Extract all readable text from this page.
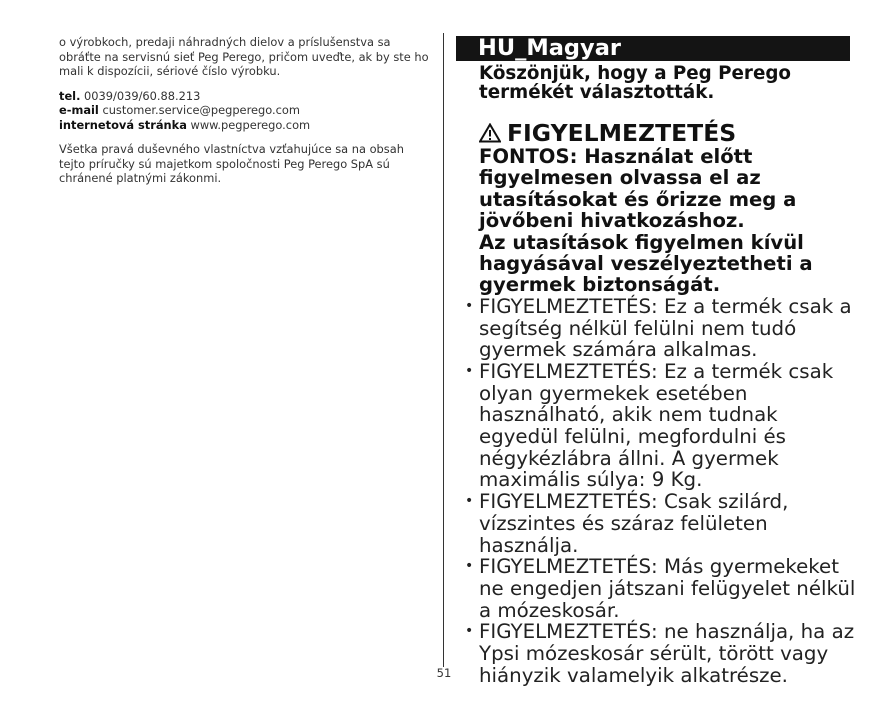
o výrobkoch, predaji náhradných dielov a príslušenstva sa obráťte na servisnú sieť Peg Perego, pričom uveďte, ak by ste ho mali k dispozícii, sériové číslo výrobku.

tel. 0039/039/60.88.213

e-mail customer.service@pegperego.com

internetová stránka www.pegperego.com

Všetka pravá duševného vlastníctva vzťahujúce sa na obsah tejto príručky sú majetkom spoločnosti Peg Perego SpA sú chránené platnými zákonmi.

51
HU_Magyar

Köszönjük, hogy a Peg Perego termékét választották.

FIGYELMEZTETÉS

FONTOS: Használat előtt figyelmesen olvassa el az utasításokat és őrizze meg a jövőbeni hivatkozáshoz.

Az utasítások figyelmen kívül hagyásával veszélyeztetheti a gyermek biztonságát.

• FIGYELMEZTETÉS: Ez a termék csak a segítség nélkül felülni nem tudó gyermek számára alkalmas.
• FIGYELMEZTETÉS: Ez a termék csak olyan gyermekek esetében használható, akik nem tudnak egyedül felülni, megfordulni és négykézlábra állni. A gyermek maximális súlya: 9 Kg.
• FIGYELMEZTETÉS: Csak szilárd, vízszintes és száraz felületen használja.
• FIGYELMEZTETÉS: Más gyermekeket ne engedjen játszani felügyelet nélkül a mózeskosár.
• FIGYELMEZTETÉS: ne használja, ha az Ypsi mózeskosár sérült, törött vagy hiányzik valamelyik alkatrésze.
